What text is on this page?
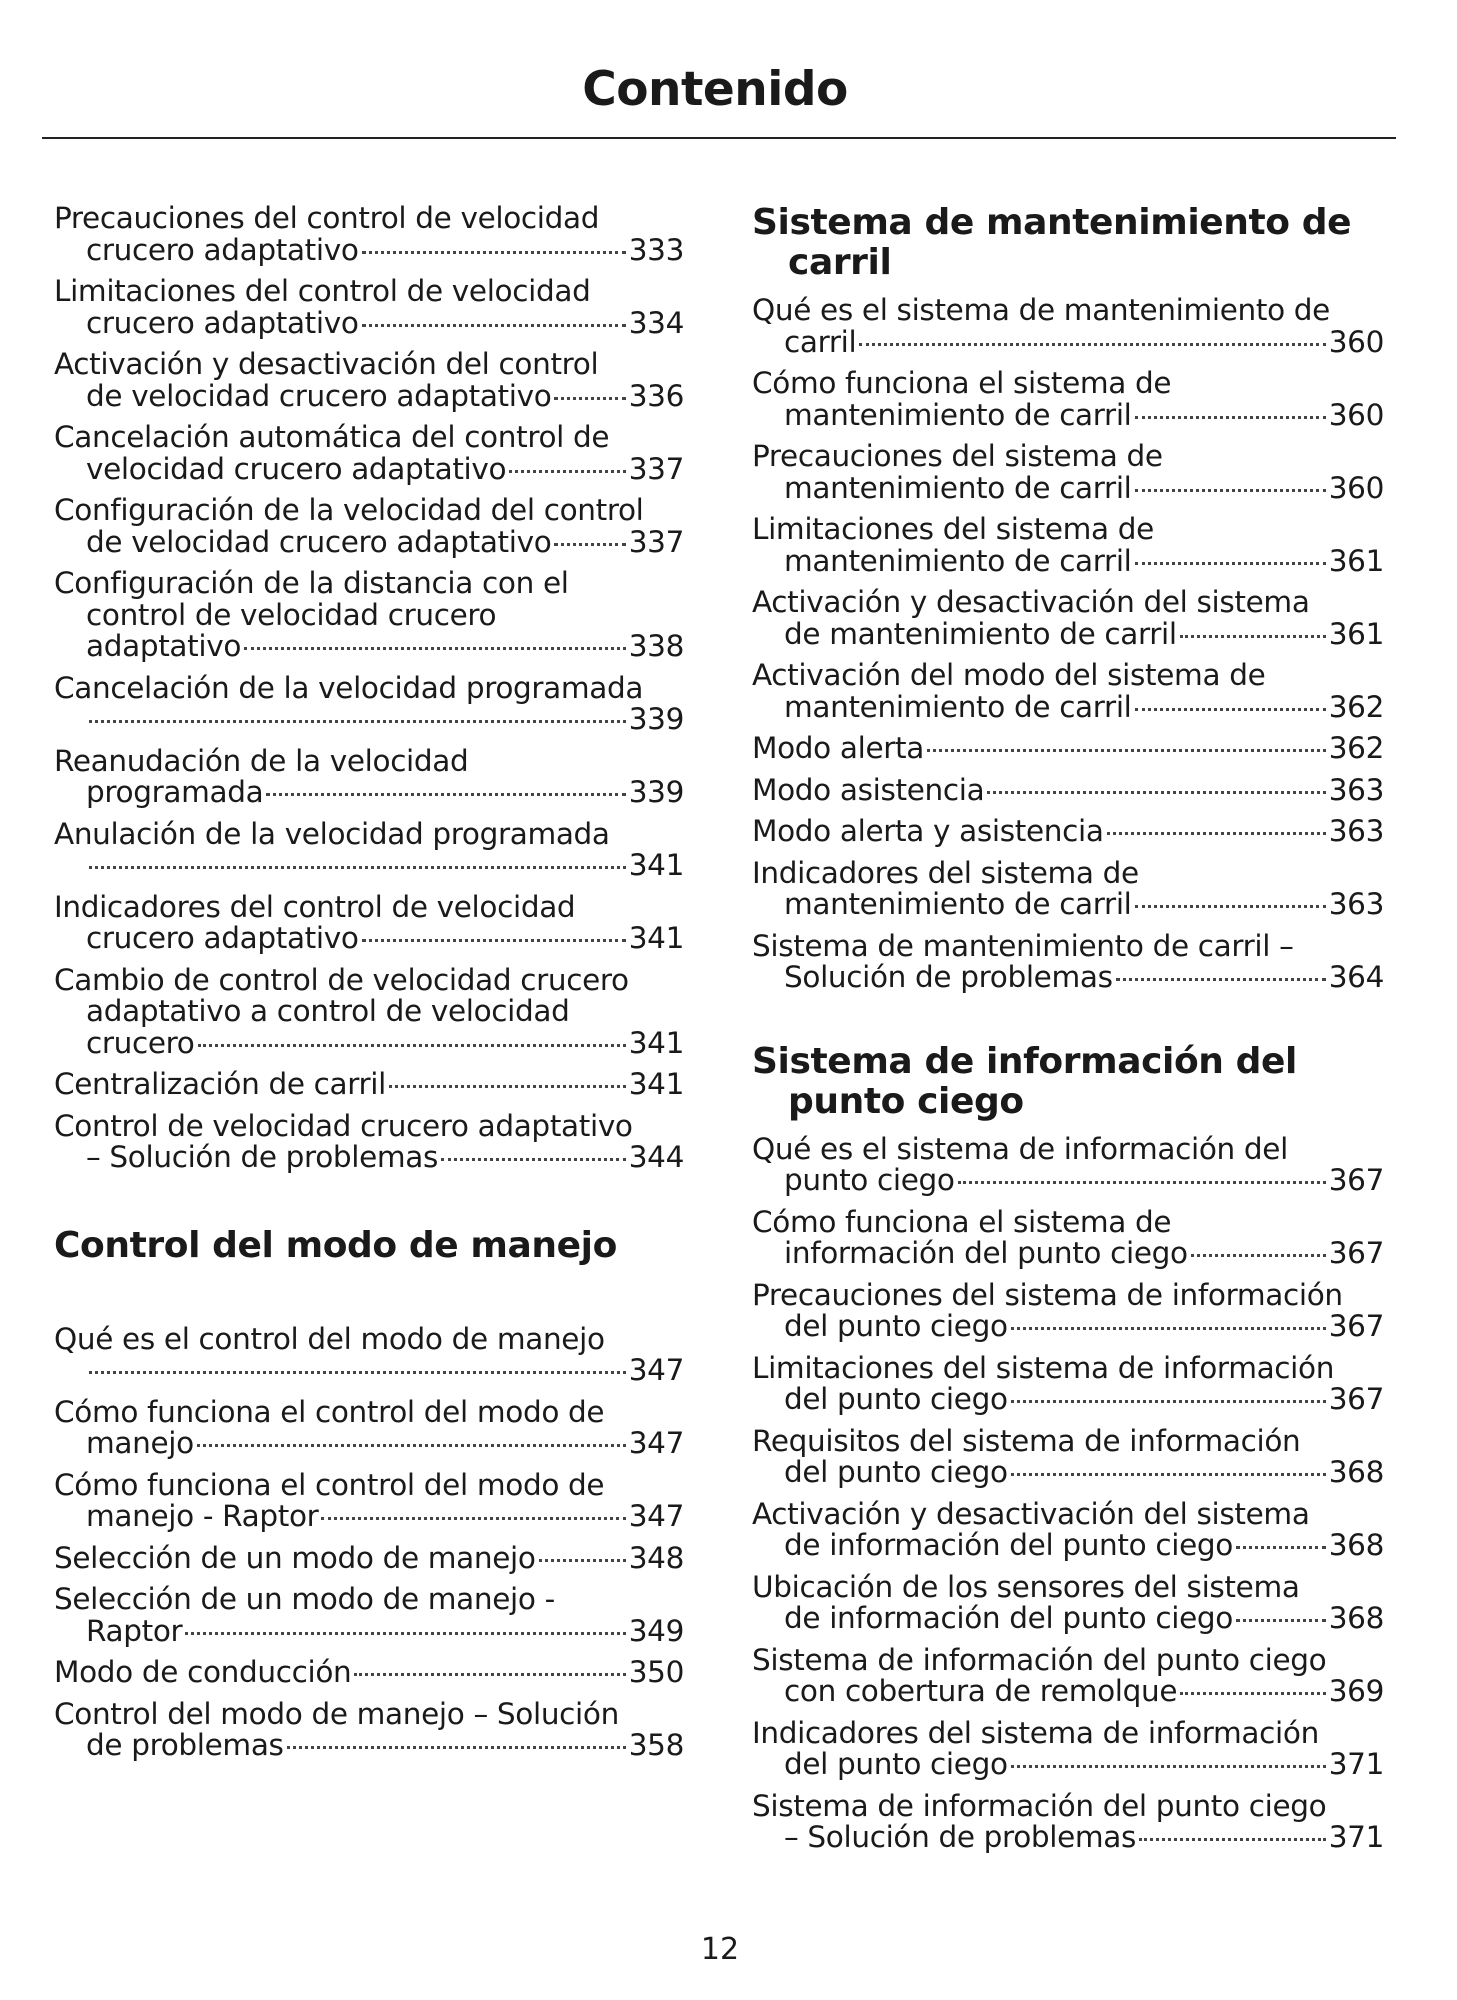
Contenido
Precauciones del control de velocidad
crucero adaptativo	333
Limitaciones del control de velocidad
crucero adaptativo	334
Activación y desactivación del control
de velocidad crucero adaptativo	336
Cancelación automática del control de
velocidad crucero adaptativo	337
Configuración de la velocidad del control
de velocidad crucero adaptativo	337
Configuración de la distancia con el
control de velocidad crucero
adaptativo	338
Cancelación de la velocidad programada
339
Reanudación de la velocidad
programada	339
Anulación de la velocidad programada
341
Indicadores del control de velocidad
crucero adaptativo	341
Cambio de control de velocidad crucero
adaptativo a control de velocidad
crucero	341
Centralización de carril	341
Control de velocidad crucero adaptativo
– Solución de problemas	344
Control del modo de manejo
Qué es el control del modo de manejo
347
Cómo funciona el control del modo de
manejo	347
Cómo funciona el control del modo de
manejo - Raptor	347
Selección de un modo de manejo	348
Selección de un modo de manejo -
Raptor	349
Modo de conducción	350
Control del modo de manejo – Solución
de problemas	358
Sistema de mantenimiento de
carril
Qué es el sistema de mantenimiento de
carril	360
Cómo funciona el sistema de
mantenimiento de carril	360
Precauciones del sistema de
mantenimiento de carril	360
Limitaciones del sistema de
mantenimiento de carril	361
Activación y desactivación del sistema
de mantenimiento de carril	361
Activación del modo del sistema de
mantenimiento de carril	362
Modo alerta	362
Modo asistencia	363
Modo alerta y asistencia	363
Indicadores del sistema de
mantenimiento de carril	363
Sistema de mantenimiento de carril –
Solución de problemas	364
Sistema de información del
punto ciego
Qué es el sistema de información del
punto ciego	367
Cómo funciona el sistema de
información del punto ciego	367
Precauciones del sistema de información
del punto ciego	367
Limitaciones del sistema de información
del punto ciego	367
Requisitos del sistema de información
del punto ciego	368
Activación y desactivación del sistema
de información del punto ciego	368
Ubicación de los sensores del sistema
de información del punto ciego	368
Sistema de información del punto ciego
con cobertura de remolque	369
Indicadores del sistema de información
del punto ciego	371
Sistema de información del punto ciego
– Solución de problemas	371
12
